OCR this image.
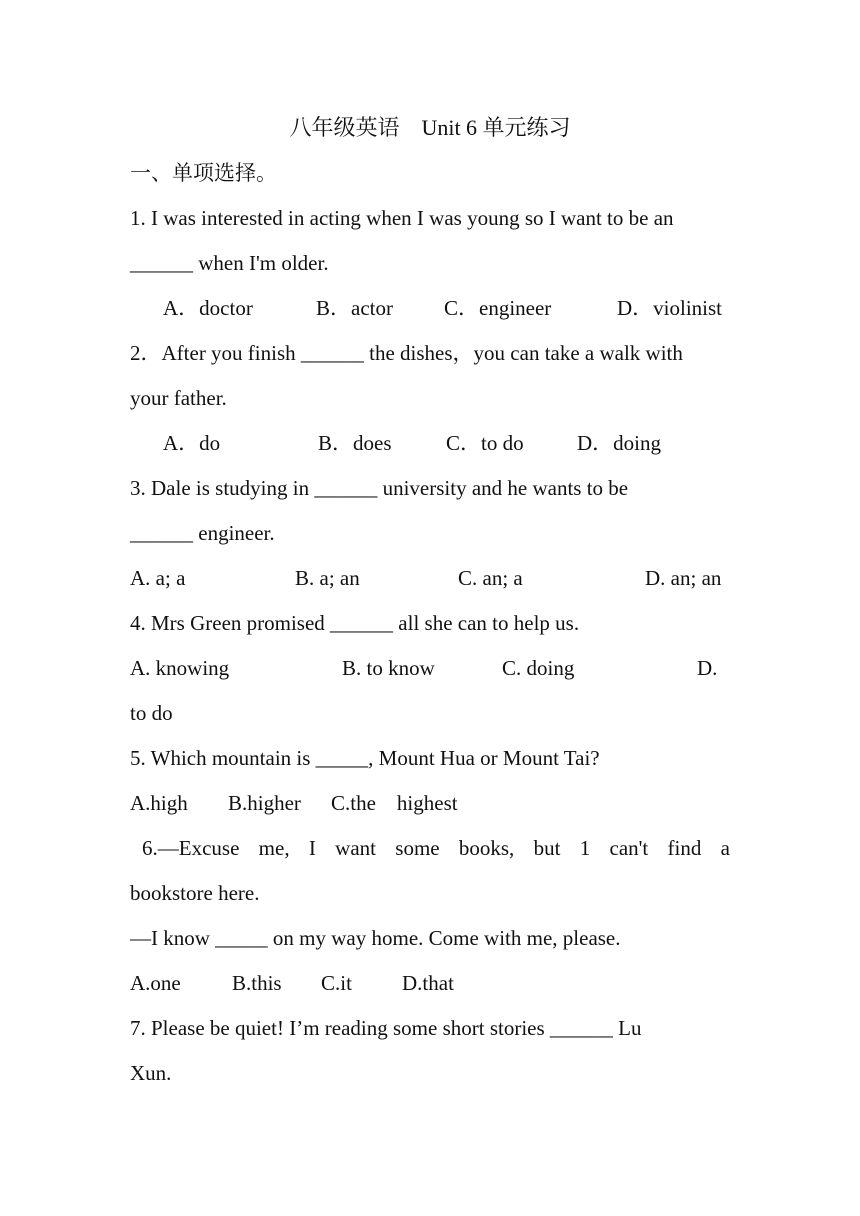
八年级英语    Unit 6 单元练习
一、单项选择。
1. I was interested in acting when I was young so I want to be an
______ when I'm older.
A．doctor	B．actor C．engineer	D．violinist
2．After you finish ______ the dishes，you can take a walk with
your father.
A．do	B．does	C．to do	D．doing
3. Dale is studying in ______ university and he wants to be
______ engineer.
A. a; a	B. a; an	C. an; a	D. an; an
4. Mrs Green promised ______ all she can to help us.
A. knowing	B. to know	C. doing	D.
to do
5. Which mountain is _____, Mount Hua or Mount Tai?
A.high B.higher C.the    highest
6.—Excuse me, I want some books, but 1 can't find a
bookstore here.
—I know _____ on my way home. Come with me, please.
A.one B.this C.it D.that
7. Please be quiet! I’m reading some short stories ______ Lu
Xun.
